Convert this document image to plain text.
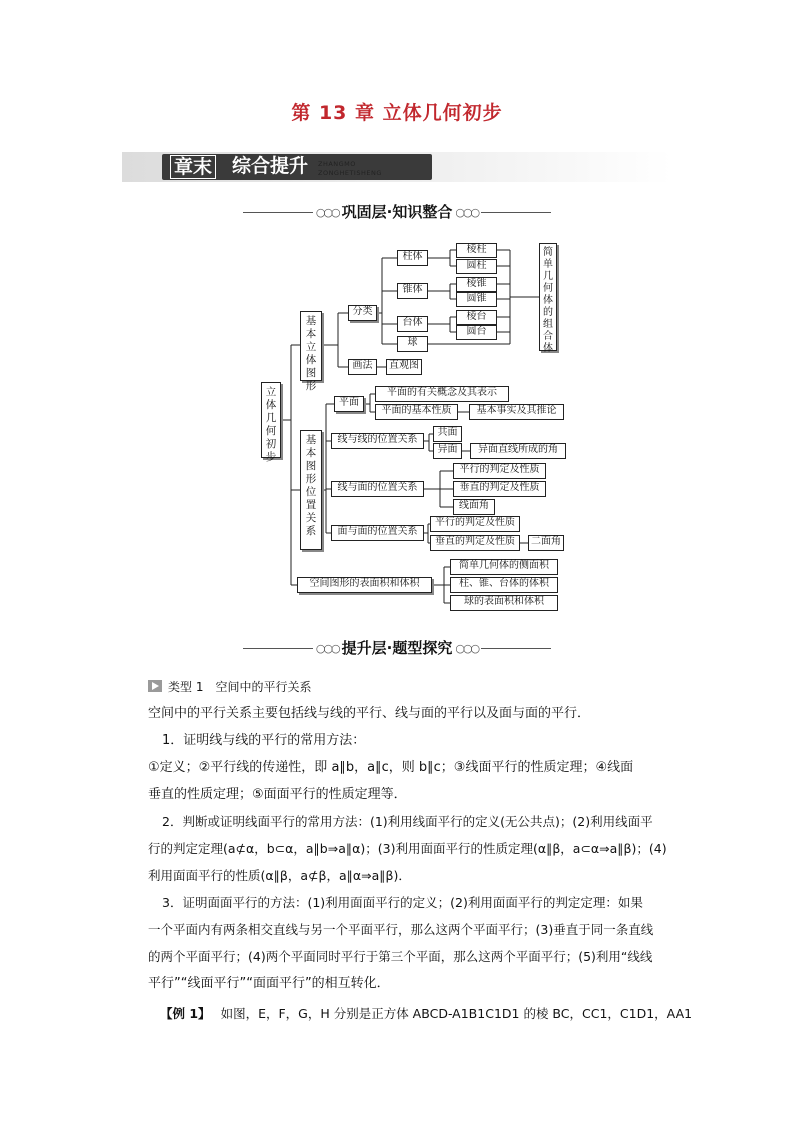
第 13 章 立体几何初步
章末 综合提升 ZHANGMO
ZONGHETISHENG
○○○ 巩固层·知识整合 ○○○
立体几何初步
基本立体图形
分类
柱体
锥体
台体
球
棱柱
圆柱
棱锥
圆锥
棱台
圆台
简单几何体的组合体
画法	直观图
基本图形位置关系
平面
平面的有关概念及其表示
平面的基本性质	基本事实及其推论
线与线的位置关系
共面
异面	异面直线所成的角
线与面的位置关系
平行的判定及性质
垂直的判定及性质
线面角
面与面的位置关系
平行的判定及性质
垂直的判定及性质	二面角
空间图形的表面积和体积
简单几何体的侧面积
柱、锥、台体的体积
球的表面积和体积
○○○ 提升层·题型探究 ○○○
类型 1　空间中的平行关系
空间中的平行关系主要包括线与线的平行、线与面的平行以及面与面的平行．
1．证明线与线的平行的常用方法：
①定义；②平行线的传递性，即 a∥b，a∥c，则 b∥c；③线面平行的性质定理；④线面
垂直的性质定理；⑤面面平行的性质定理等．
2．判断或证明线面平行的常用方法：(1)利用线面平行的定义(无公共点)；(2)利用线面平
行的判定定理(a⊄α，b⊂α，a∥b⇒a∥α)；(3)利用面面平行的性质定理(α∥β，a⊂α⇒a∥β)；(4)
利用面面平行的性质(α∥β，a⊄β，a∥α⇒a∥β)．
3．证明面面平行的方法：(1)利用面面平行的定义；(2)利用面面平行的判定定理：如果
一个平面内有两条相交直线与另一个平面平行，那么这两个平面平行；(3)垂直于同一条直线
的两个平面平行；(4)两个平面同时平行于第三个平面，那么这两个平面平行；(5)利用“线线
平行”“线面平行”“面面平行”的相互转化．
【例 1】 如图，E，F，G，H 分别是正方体 ABCD-A1B1C1D1 的棱 BC，CC1，C1D1，AA1
